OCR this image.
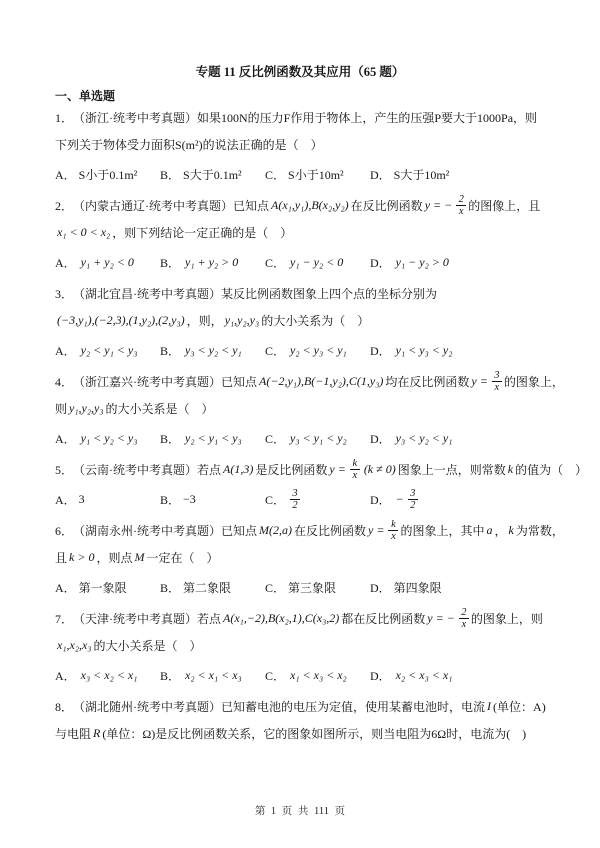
专题 11 反比例函数及其应用（65 题）
一、单选题
1． （浙江·统考中考真题） 如果100N的压力F作用于物体上，产生的压强P要大于1000Pa，则
下列关于物体受力面积S(m²)的说法正确的是（　）
A． S小于0.1m² B． S大于0.1m² C． S小于10m² D． S大于10m²
2． （内蒙古通辽·统考中考真题） 已知点 A(x₁,y₁),B(x₂,y₂) 在反比例函数 y = − $\frac{2}{x}$ 的图像上，且
x₁ < 0 < x₂ ，则下列结论一定正确的是（　）
A． y₁ + y₂ < 0 B． y₁ + y₂ > 0 C． y₁ − y₂ < 0 D． y₁ − y₂ > 0
3． （湖北宜昌·统考中考真题） 某反比例函数图象上四个点的坐标分别为
(−3,y₁),(−2,3),(1,y₂),(2,y₃) ，则， y₁,y₂,y₃ 的大小关系为（　）
A． y₂ < y₁ < y₃ B． y₃ < y₂ < y₁ C． y₂ < y₃ < y₁ D． y₁ < y₃ < y₂
4． （浙江嘉兴·统考中考真题） 已知点 A(−2,y₁),B(−1,y₂),C(1,y₃) 均在反比例函数 $y = \frac{3}{x}$ 的图象上，
则 y₁,y₂,y₃ 的大小关系是（　）
A． y₁ < y₂ < y₃ B． y₂ < y₁ < y₃ C． y₃ < y₁ < y₂ D． y₃ < y₂ < y₁
5． （云南·统考中考真题） 若点 A(1,3) 是反比例函数 $y = \frac{k}{x} (k \ne 0)$ 图象上一点，则常数 k 的值为（　）
A． 3	B． −3	C． $\frac{3}{2}$	D． − $\frac{3}{2}$
6． （湖南永州·统考中考真题） 已知点 M(2,a) 在反比例函数 $y = \frac{k}{x}$ 的图象上，其中 a ， k 为常数，
且 k > 0 ，则点 M 一定在（　）
A． 第一象限	B． 第二象限	C． 第三象限	D． 第四象限
7． （天津·统考中考真题） 若点 A(x₁,−2),B(x₂,1),C(x₃,2) 都在反比例函数 y = − $\frac{2}{x}$ 的图象上，则
x₁,x₂,x₃ 的大小关系是（　）
A． x₃ < x₂ < x₁ B． x₂ < x₁ < x₃ C． x₁ < x₃ < x₂ D． x₂ < x₃ < x₁
8． （湖北随州·统考中考真题） 已知蓄电池的电压为定值，使用某蓄电池时，电流 I (单位：A)
与电阻 R (单位：Ω)是反比例函数关系，它的图象如图所示，则当电阻为6Ω时，电流为(　)
第 1 页 共 111 页
